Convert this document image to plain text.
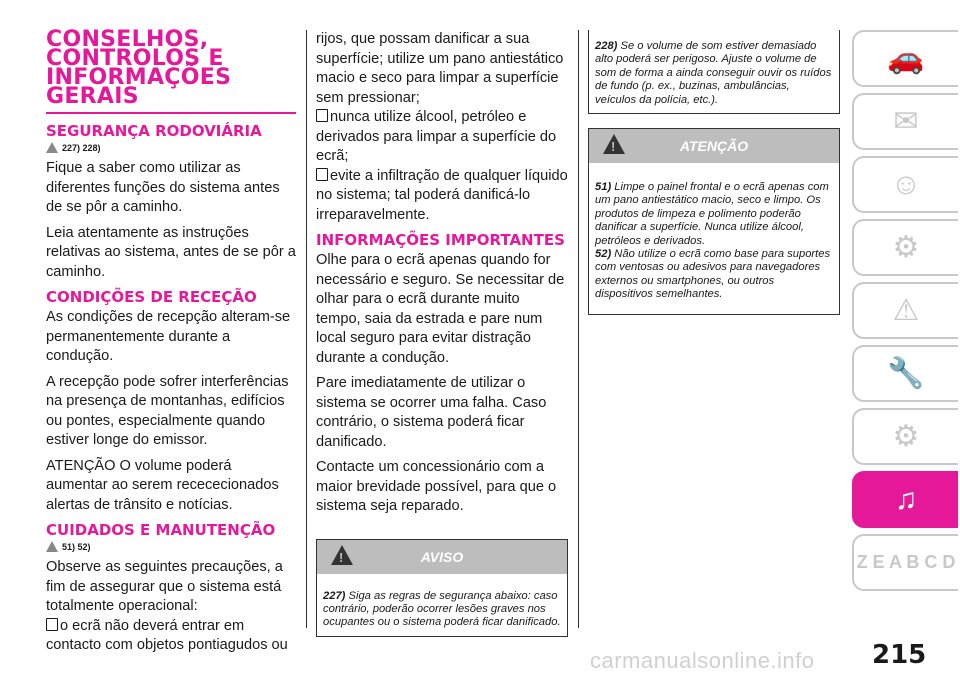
CONSELHOS, CONTROLOS E INFORMAÇÕES GERAIS
SEGURANÇA RODOVIÁRIA
227) 228)

Fique a saber como utilizar as diferentes funções do sistema antes de se pôr a caminho.

Leia atentamente as instruções relativas ao sistema, antes de se pôr a caminho.

CONDIÇÕES DE RECEÇÃO

As condições de recepção alteram-se permanentemente durante a condução.

A recepção pode sofrer interferências na presença de montanhas, edifícios ou pontes, especialmente quando estiver longe do emissor.

ATENÇÃO O volume poderá aumentar ao serem recececionados alertas de trânsito e notícias.

CUIDADOS E MANUTENÇÃO
51) 52)

Observe as seguintes precauções, a fim de assegurar que o sistema está totalmente operacional:

o ecrã não deverá entrar em contacto com objetos pontiagudos ou

rijos, que possam danificar a sua superfície; utilize um pano antiestático macio e seco para limpar a superfície sem pressionar;

nunca utilize álcool, petróleo e derivados para limpar a superfície do ecrã;

evite a infiltração de qualquer líquido no sistema; tal poderá danificá-lo irreparavelmente.

INFORMAÇÕES IMPORTANTES

Olhe para o ecrã apenas quando for necessário e seguro. Se necessitar de olhar para o ecrã durante muito tempo, saia da estrada e pare num local seguro para evitar distração durante a condução.

Pare imediatamente de utilizar o sistema se ocorrer uma falha. Caso contrário, o sistema poderá ficar danificado.

Contacte um concessionário com a maior brevidade possível, para que o sistema seja reparado.

!
AVISO
227) Siga as regras de segurança abaixo: caso contrário, poderão ocorrer lesões graves nos ocupantes ou o sistema poderá ficar danificado.
228) Se o volume de som estiver demasiado alto poderá ser perigoso. Ajuste o volume de som de forma a ainda conseguir ouvir os ruídos de fundo (p. ex., buzinas, ambulâncias, veículos da polícia, etc.).
!
ATENÇÃO
51) Limpe o painel frontal e o ecrã apenas com um pano antiestático macio, seco e limpo. Os produtos de limpeza e polimento poderão danificar a superfície. Nunca utilize álcool, petróleos e derivados.
52) Não utilize o ecrã como base para suportes com ventosas ou adesivos para navegadores externos ou smartphones, ou outros dispositivos semelhantes.
🚗
✉
☺
⚙
⚠
🔧
⚙
♫
Z E A B C D
carmanualsonline.info 215
